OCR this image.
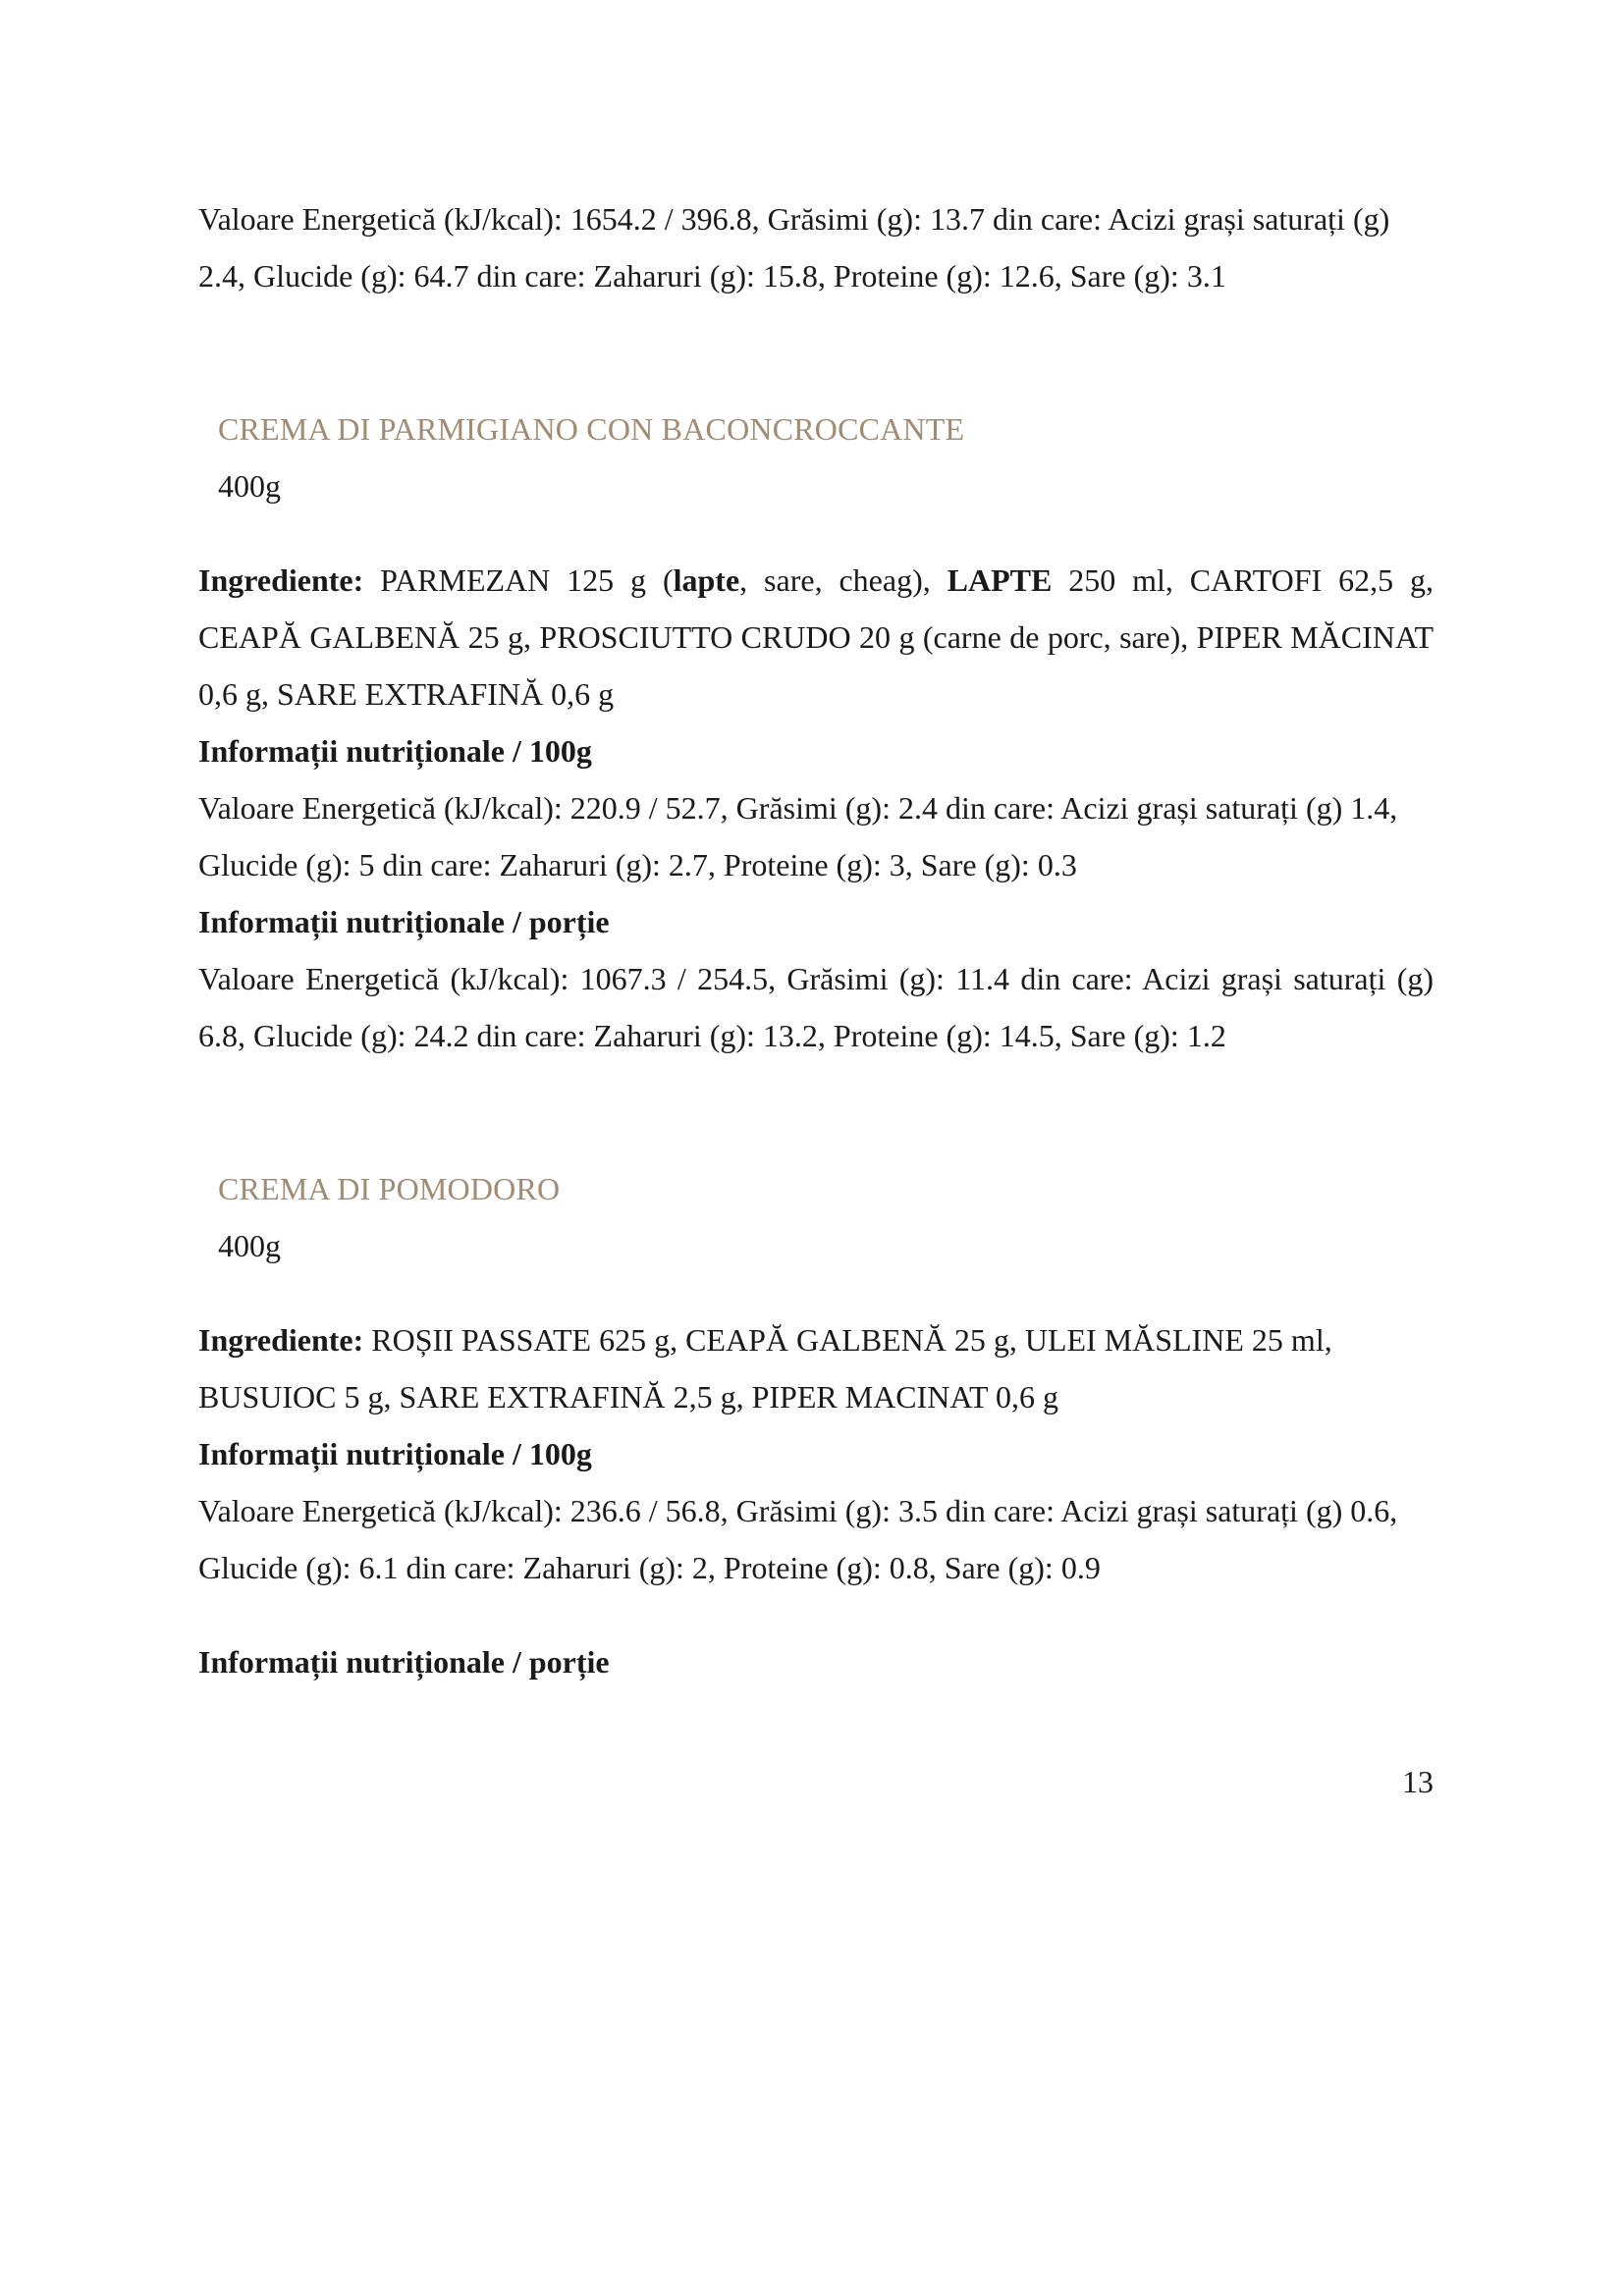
Valoare Energetică (kJ/kcal): 1654.2 / 396.8, Grăsimi (g): 13.7 din care: Acizi grași saturați (g) 2.4, Glucide (g): 64.7 din care: Zaharuri (g): 15.8, Proteine (g): 12.6, Sare (g): 3.1
CREMA DI PARMIGIANO CON BACONCROCCANTE
400g
Ingrediente: PARMEZAN 125 g (lapte, sare, cheag), LAPTE 250 ml, CARTOFI 62,5 g, CEAPĂ GALBENĂ 25 g, PROSCIUTTO CRUDO 20 g (carne de porc, sare), PIPER MĂCINAT 0,6 g, SARE EXTRAFINĂ 0,6 g
Informații nutriționale / 100g
Valoare Energetică (kJ/kcal): 220.9 / 52.7, Grăsimi (g): 2.4 din care: Acizi grași saturați (g) 1.4, Glucide (g): 5 din care: Zaharuri (g): 2.7, Proteine (g): 3, Sare (g): 0.3
Informații nutriționale / porție
Valoare Energetică (kJ/kcal): 1067.3 / 254.5, Grăsimi (g): 11.4 din care: Acizi grași saturați (g) 6.8, Glucide (g): 24.2 din care: Zaharuri (g): 13.2, Proteine (g): 14.5, Sare (g): 1.2
CREMA DI POMODORO
400g
Ingrediente: ROȘII PASSATE 625 g, CEAPĂ GALBENĂ 25 g, ULEI MĂSLINE 25 ml, BUSUIOC 5 g, SARE EXTRAFINĂ 2,5 g, PIPER MACINAT 0,6 g
Informații nutriționale / 100g
Valoare Energetică (kJ/kcal): 236.6 / 56.8, Grăsimi (g): 3.5 din care: Acizi grași saturați (g) 0.6, Glucide (g): 6.1 din care: Zaharuri (g): 2, Proteine (g): 0.8, Sare (g): 0.9
Informații nutriționale / porție
13
